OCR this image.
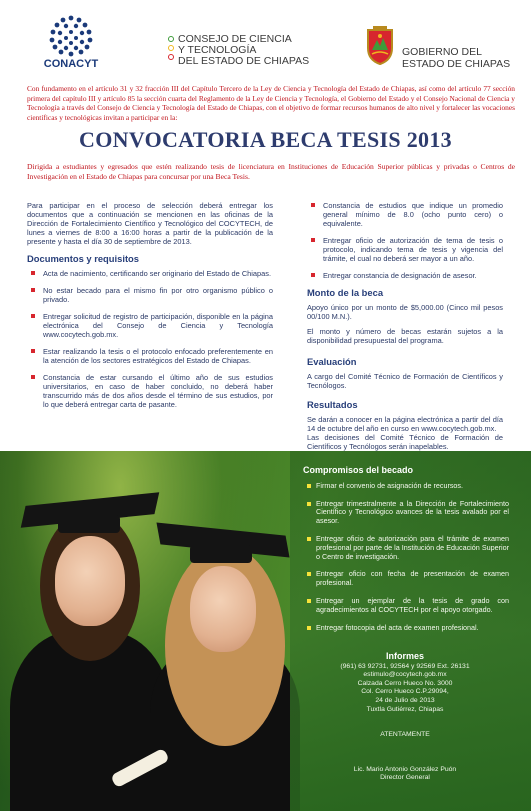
CONACYT
CONSEJO DE CIENCIA
Y TECNOLOGÍA
DEL ESTADO DE CHIAPAS
GOBIERNO DEL
ESTADO DE CHIAPAS

Con fundamento en el artículo 31 y 32 fracción III del Capítulo Tercero de la Ley de Ciencia y Tecnología del Estado de Chiapas, así como del artículo 77 sección primera del capítulo III y artículo 85 la sección cuarta del Reglamento de la Ley de Ciencia y Tecnología, el Gobierno del Estado y el Consejo Nacional de Ciencia y Tecnología a través del Consejo de Ciencia y Tecnología del Estado de Chiapas, con el objetivo de formar recursos humanos de alto nivel y fortalecer las vocaciones científicas y tecnológicas invitan a participar en la:

CONVOCATORIA BECA TESIS 2013

Dirigida a estudiantes y egresados que estén realizando tesis de licenciatura en Instituciones de Educación Superior públicas y privadas o Centros de Investigación en el Estado de Chiapas para concursar por una Beca Tesis.

Para participar en el proceso de selección deberá entregar los documentos que a continuación se mencionen en las oficinas de la Dirección de Fortalecimiento Científico y Tecnológico del COCYTECH, de lunes a viernes de 8:00 a 16:00 horas a partir de la publicación de la presente y hasta el día 30 de septiembre de 2013.

Documentos y requisitos
Acta de nacimiento, certificando ser originario del Estado de Chiapas.
No estar becado para el mismo fin por otro organismo público o privado.
Entregar solicitud de registro de participación, disponible en la página electrónica del Consejo de Ciencia y Tecnología www.cocytech.gob.mx.
Estar realizando la tesis o el protocolo enfocado preferentemente en la atención de los sectores estratégicos del Estado de Chiapas.
Constancia de estar cursando el último año de sus estudios universitarios, en caso de haber concluido, no deberá haber transcurrido más de dos años desde el término de sus estudios, por lo que deberá entregar carta de pasante.
Constancia de estudios que indique un promedio general mínimo de 8.0 (ocho punto cero) o equivalente.
Entregar oficio de autorización de tema de tesis o protocolo, indicando tema de tesis y vigencia del trámite, el cual no deberá ser mayor a un año.
Entregar constancia de designación de asesor.
Monto de la beca

Apoyo único por un monto de $5,000.00 (Cinco mil pesos 00/100 M.N.).

El monto y número de becas estarán sujetos a la disponibilidad presupuestal del programa.

Evaluación

A cargo del Comité Técnico de Formación de Científicos y Tecnólogos.

Resultados

Se darán a conocer en la página electrónica a partir del día 14 de octubre del año en curso en www.cocytech.gob.mx.

Las decisiones del Comité Técnico de Formación de Científicos y Tecnólogos serán inapelables.

Compromisos del becado
Firmar el convenio de asignación de recursos.
Entregar trimestralmente a la Dirección de Fortalecimiento Científico y Tecnológico avances de la tesis avalado por el asesor.
Entregar oficio de autorización para el trámite de examen profesional por parte de la Institución de Educación Superior o Centro de investigación.
Entregar oficio con fecha de presentación de examen profesional.
Entregar un ejemplar de la tesis de grado con agradecimientos al COCYTECH por el apoyo otorgado.
Entregar fotocopia del acta de examen profesional.
Informes
(961) 63 92731, 92564 y 92569 Ext. 26131
estimulo@cocytech.gob.mx
Calzada Cerro Hueco No. 3000
Col. Cerro Hueco C.P.29094,
24 de Julio de 2013
Tuxtla Gutiérrez, Chiapas
ATENTAMENTE
Lic. Mario Antonio González Puón
Director General
